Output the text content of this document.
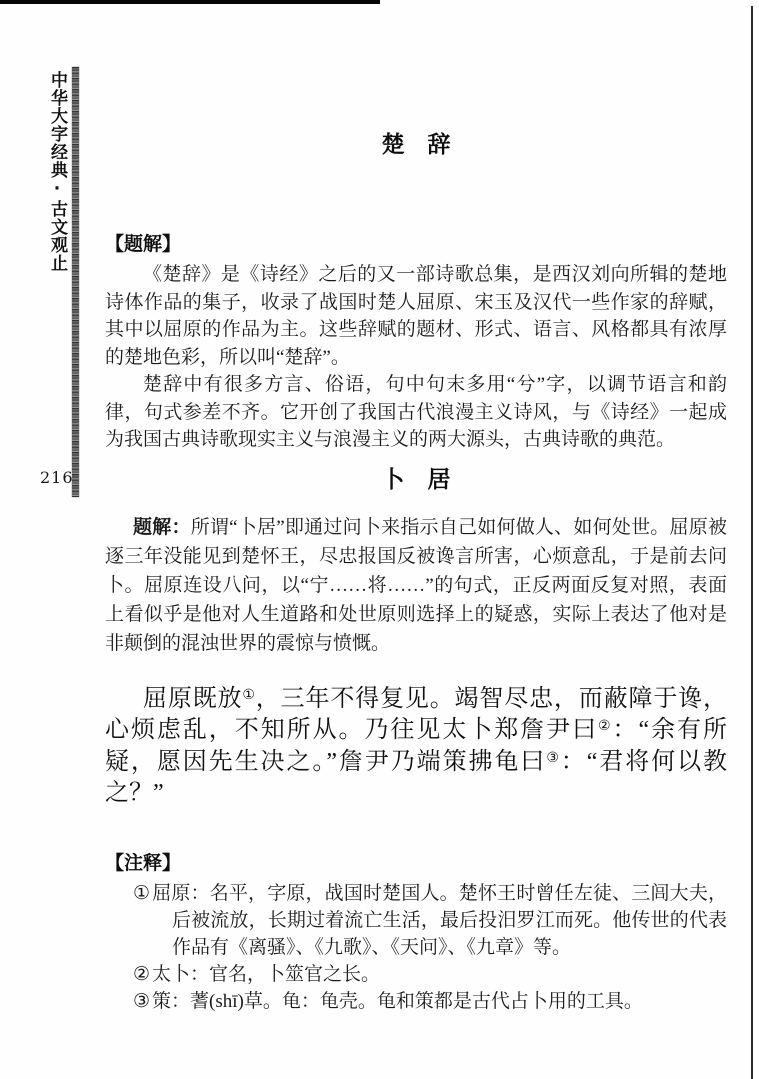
中华大字经典·古文观止
216
楚　辞
【题解】

《楚辞》是《诗经》之后的又一部诗歌总集，是西汉刘向所辑的楚地诗体作品的集子，收录了战国时楚人屈原、宋玉及汉代一些作家的辞赋，其中以屈原的作品为主。这些辞赋的题材、形式、语言、风格都具有浓厚的楚地色彩，所以叫“楚辞”。

楚辞中有很多方言、俗语，句中句末多用“兮”字，以调节语言和韵律，句式参差不齐。它开创了我国古代浪漫主义诗风，与《诗经》一起成为我国古典诗歌现实主义与浪漫主义的两大源头，古典诗歌的典范。

卜　居

题解：所谓“卜居”即通过问卜来指示自己如何做人、如何处世。屈原被逐三年没能见到楚怀王，尽忠报国反被谗言所害，心烦意乱，于是前去问卜。屈原连设八问，以“宁……将……”的句式，正反两面反复对照，表面上看似乎是他对人生道路和处世原则选择上的疑惑，实际上表达了他对是非颠倒的混浊世界的震惊与愤慨。

屈原既放①，三年不得复见。竭智尽忠，而蔽障于谗，心烦虑乱，不知所从。乃往见太卜郑詹尹曰②：“余有所疑，愿因先生决之。”詹尹乃端策拂龟曰③：“君将何以教之？”

【注释】
①屈原：名平，字原，战国时楚国人。楚怀王时曾任左徒、三闾大夫，后被流放，长期过着流亡生活，最后投汨罗江而死。他传世的代表作品有《离骚》、《九歌》、《天问》、《九章》等。
②太卜：官名，卜筮官之长。
③策：蓍(shī)草。龟：龟壳。龟和策都是古代占卜用的工具。
